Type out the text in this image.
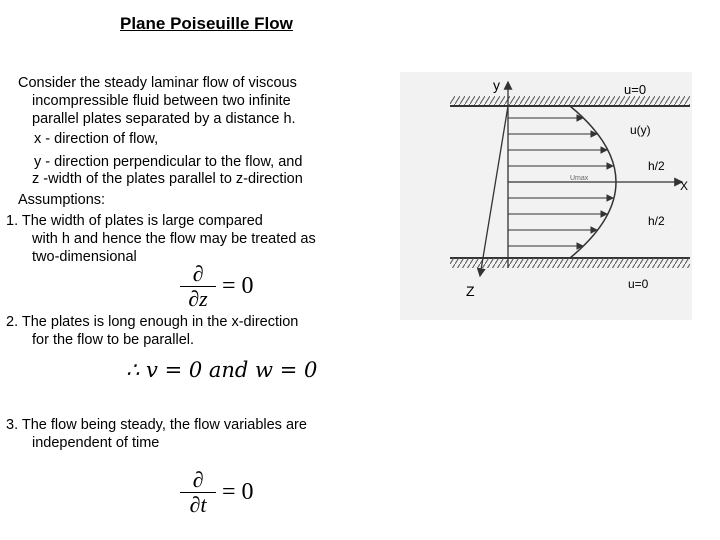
Plane Poiseuille Flow
Consider the steady laminar flow of viscous
incompressible fluid between two infinite
parallel plates separated by a distance h.
x - direction of flow,
y - direction perpendicular to the flow, and
z -width of the plates parallel to z-direction
Assumptions:
1. The width of plates is large compared
with h and hence the flow may be treated as
two-dimensional
∂
∂z = 0
2. The plates is long enough in the x-direction
for the flow to be parallel.
∴ v = 0 and w = 0
3. The flow being steady, the flow variables are
independent of time
∂
∂t = 0
y	u=0
u(y)
Umax
h/2
X
h/2
Z	u=0
